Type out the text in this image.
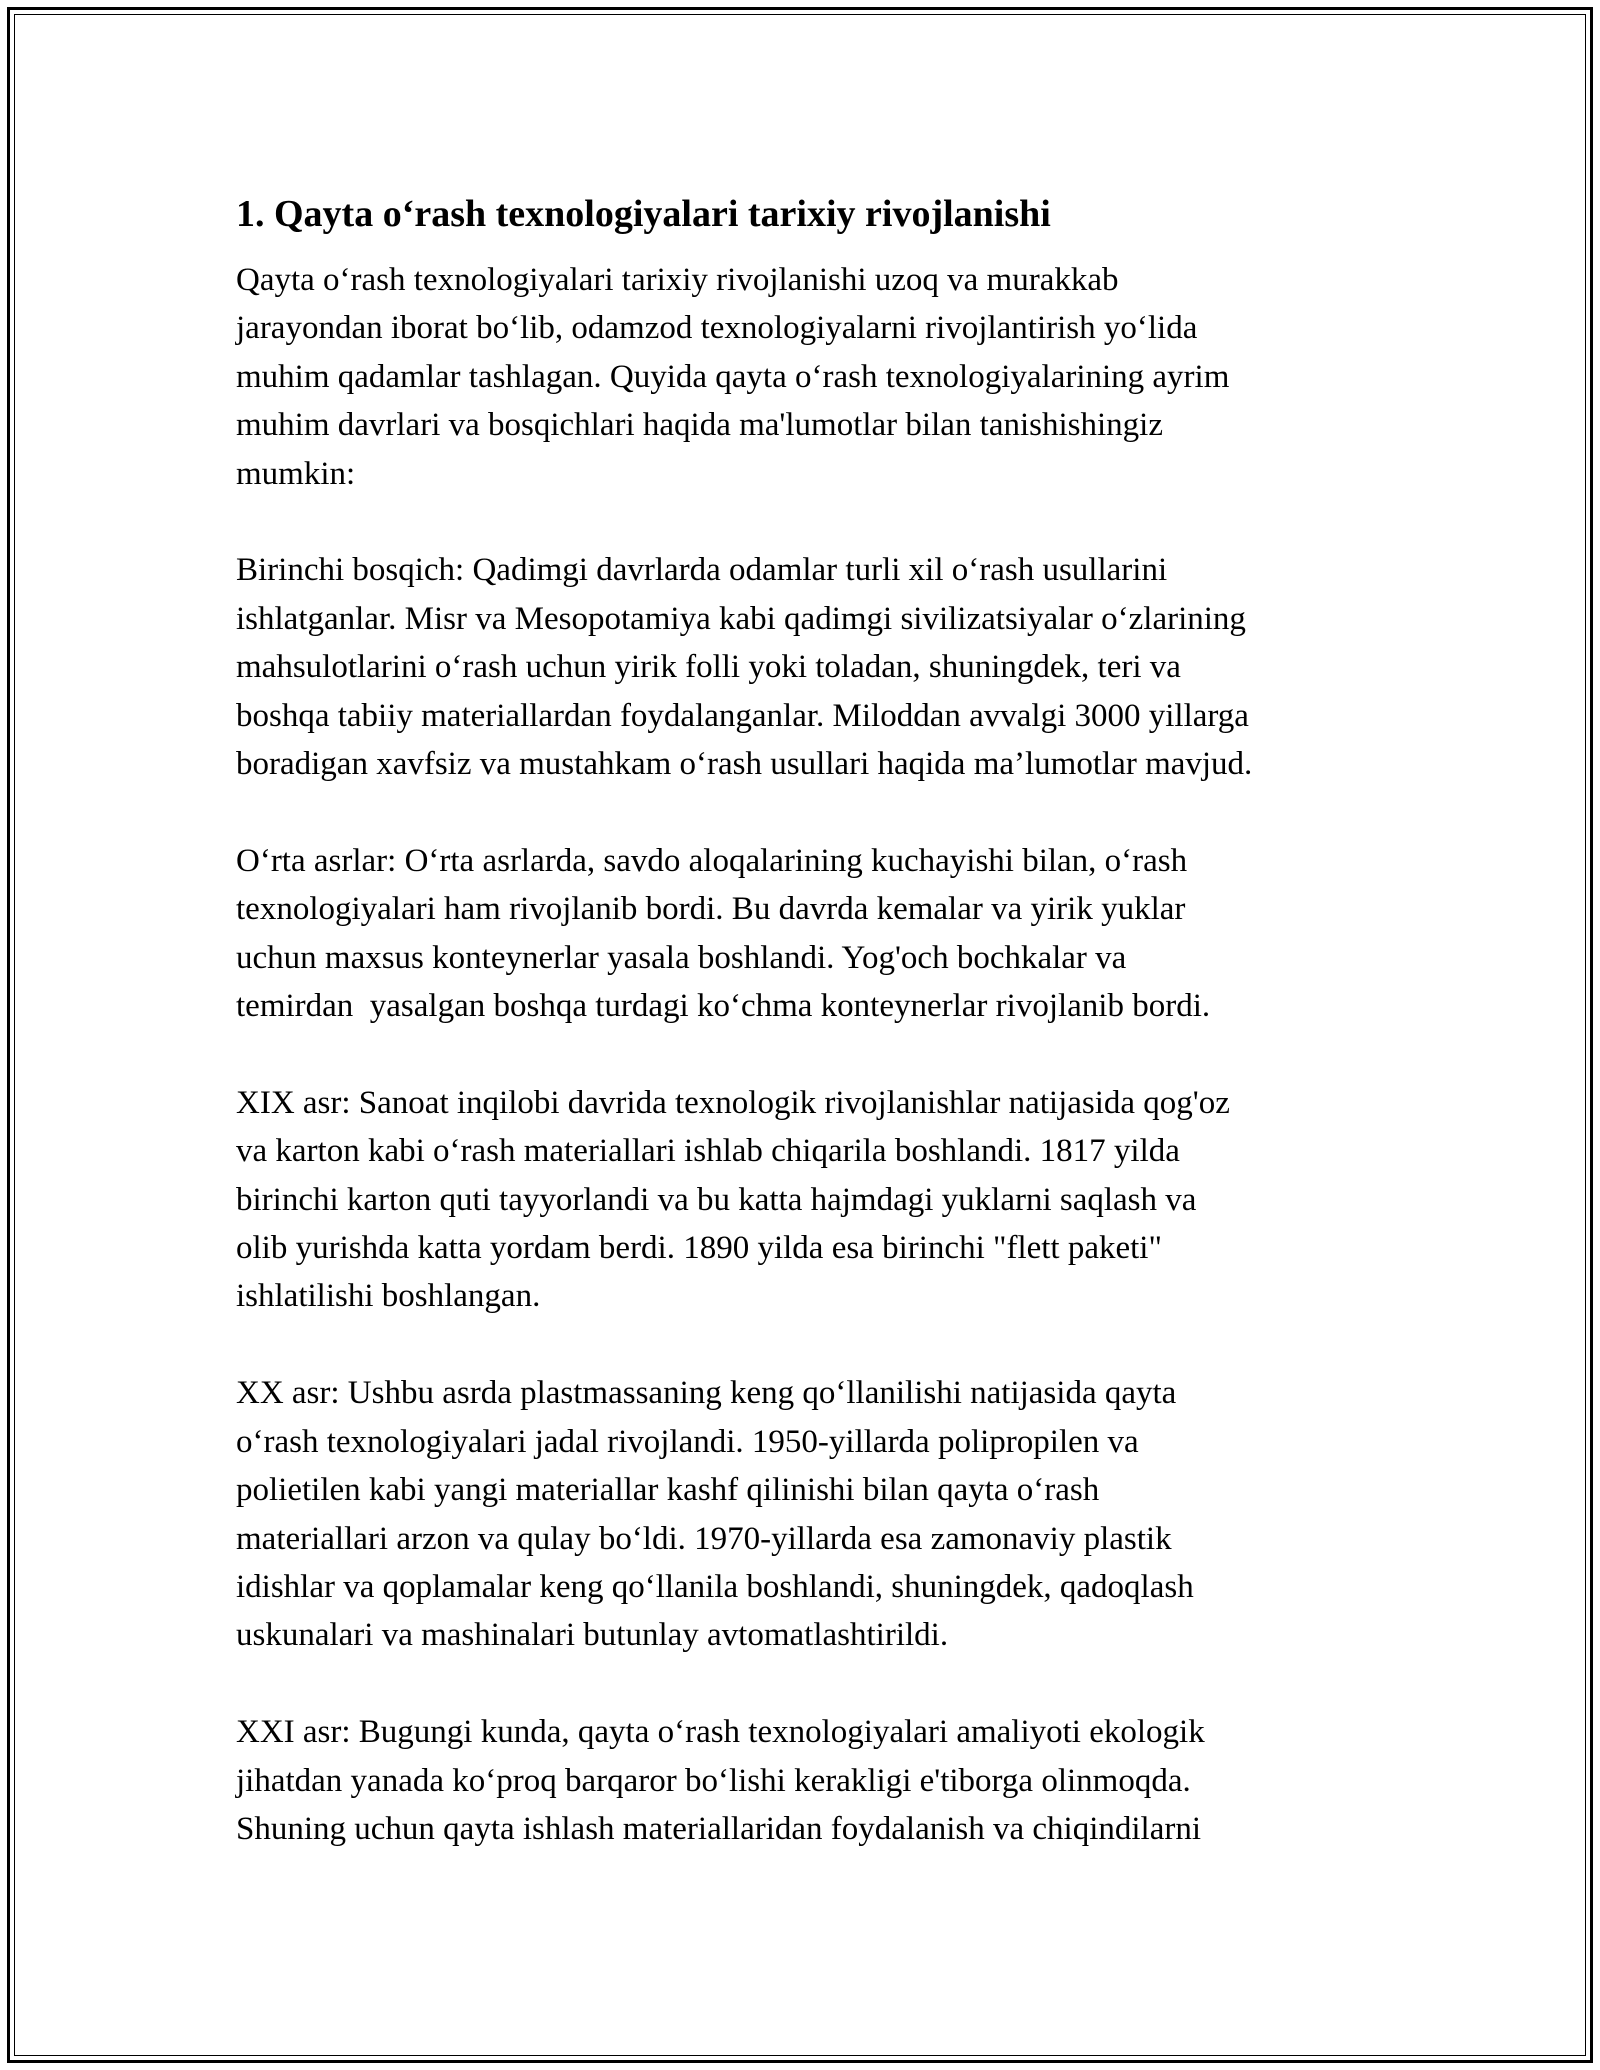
1. Qayta o‘rash texnologiyalari tarixiy rivojlanishi

Qayta o‘rash texnologiyalari tarixiy rivojlanishi uzoq va murakkab
jarayondan iborat bo‘lib, odamzod texnologiyalarni rivojlantirish yo‘lida
muhim qadamlar tashlagan. Quyida qayta o‘rash texnologiyalarining ayrim
muhim davrlari va bosqichlari haqida ma'lumotlar bilan tanishishingiz
mumkin:

Birinchi bosqich: Qadimgi davrlarda odamlar turli xil o‘rash usullarini
ishlatganlar. Misr va Mesopotamiya kabi qadimgi sivilizatsiyalar o‘zlarining
mahsulotlarini o‘rash uchun yirik folli yoki toladan, shuningdek, teri va
boshqa tabiiy materiallardan foydalanganlar. Miloddan avvalgi 3000 yillarga
boradigan xavfsiz va mustahkam o‘rash usullari haqida ma’lumotlar mavjud.

O‘rta asrlar: O‘rta asrlarda, savdo aloqalarining kuchayishi bilan, o‘rash
texnologiyalari ham rivojlanib bordi. Bu davrda kemalar va yirik yuklar
uchun maxsus konteynerlar yasala boshlandi. Yog'och bochkalar va
temirdan  yasalgan boshqa turdagi ko‘chma konteynerlar rivojlanib bordi.

XIX asr: Sanoat inqilobi davrida texnologik rivojlanishlar natijasida qog'oz
va karton kabi o‘rash materiallari ishlab chiqarila boshlandi. 1817 yilda
birinchi karton quti tayyorlandi va bu katta hajmdagi yuklarni saqlash va
olib yurishda katta yordam berdi. 1890 yilda esa birinchi "flett paketi"
ishlatilishi boshlangan.

XX asr: Ushbu asrda plastmassaning keng qo‘llanilishi natijasida qayta
o‘rash texnologiyalari jadal rivojlandi. 1950-yillarda polipropilen va
polietilen kabi yangi materiallar kashf qilinishi bilan qayta o‘rash
materiallari arzon va qulay bo‘ldi. 1970-yillarda esa zamonaviy plastik
idishlar va qoplamalar keng qo‘llanila boshlandi, shuningdek, qadoqlash
uskunalari va mashinalari butunlay avtomatlashtirildi.

XXI asr: Bugungi kunda, qayta o‘rash texnologiyalari amaliyoti ekologik
jihatdan yanada ko‘proq barqaror bo‘lishi kerakligi e'tiborga olinmoqda.
Shuning uchun qayta ishlash materiallaridan foydalanish va chiqindilarni
